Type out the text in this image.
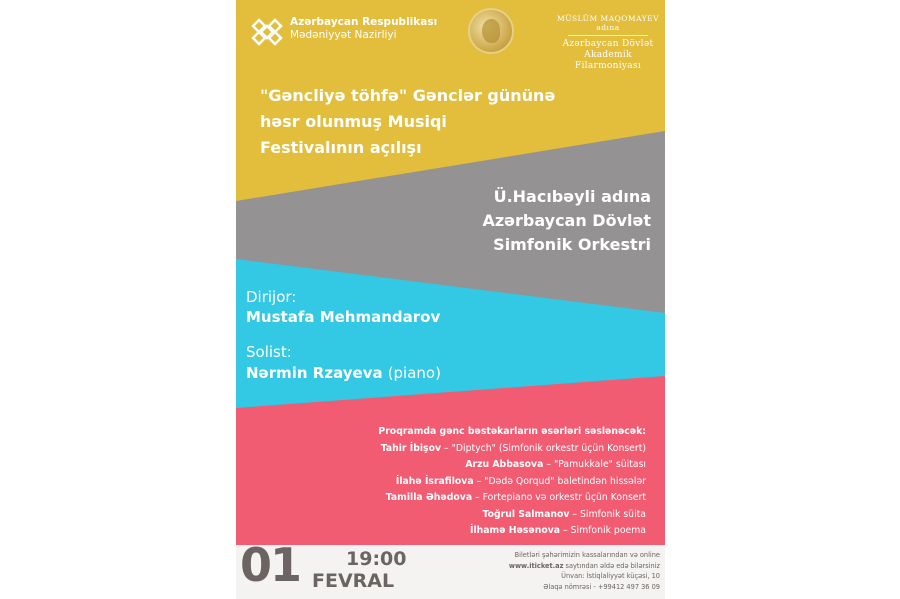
Azərbaycan Respublikası
Mədəniyyət Nazirliyi
MÜSLÜM MAQOMAYEV
adına
Azərbaycan Dövlət
Akademik
Filarmoniyası
"Gəncliyə töhfə" Gənclər gününə
həsr olunmuş Musiqi
Festivalının açılışı
Ü.Hacıbəyli adına
Azərbaycan Dövlət
Simfonik Orkestri
Dirijor:
Mustafa Mehmandarov
Solist:
Nərmin Rzayeva (piano)
Proqramda gənc bəstəkarların əsərləri səslənəcək:
Tahir İbişov – "Diptych" (Simfonik orkestr üçün Konsert)
Arzu Abbasova – "Pamukkale" süitası
İlahə İsrafilova – "Dədə Qorqud" baletindən hissələr
Tamilla Əhədova – Fortepiano və orkestr üçün Konsert
Toğrul Salmanov – Simfonik süita
İlhamə Həsənova – Simfonik poema
01 19:00
FEVRAL
Biletləri şəhərimizin kassalarından və online
www.iticket.az saytından əldə edə bilərsiniz
Ünvan: İstiqlaliyyət küçəsi, 10
Əlaqə nömrəsi - +99412 497 36 09
